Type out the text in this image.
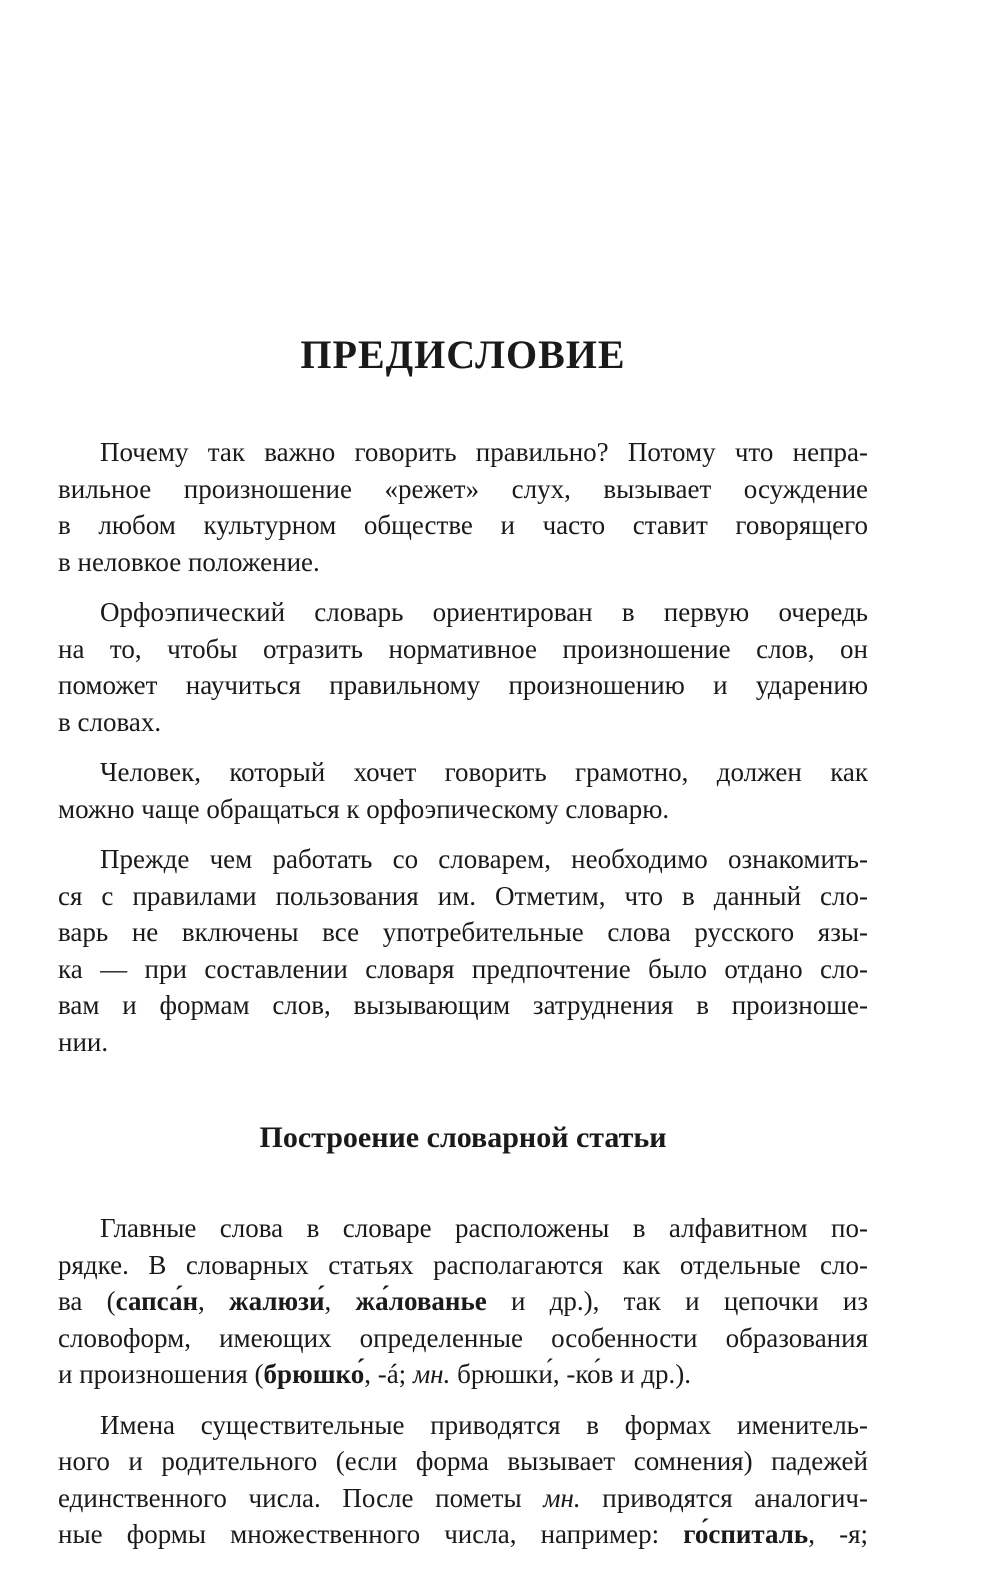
ПРЕДИСЛОВИЕ

Почему так важно говорить правильно? Потому что непра-
вильное произношение «режет» слух, вызывает осуждение
в любом культурном обществе и часто ставит говорящего
в неловкое положение.

Орфоэпический словарь ориентирован в первую очередь
на то, чтобы отразить нормативное произношение слов, он
поможет научиться правильному произношению и ударению
в словах.

Человек, который хочет говорить грамотно, должен как
можно чаще обращаться к орфоэпическому словарю.

Прежде чем работать со словарем, необходимо ознакомить-
ся с правилами пользования им. Отметим, что в данный сло-
варь не включены все употребительные слова русского язы-
ка — при составлении словаря предпочтение было отдано сло-
вам и формам слов, вызывающим затруднения в произноше-
нии.

Построение словарной статьи

Главные слова в словаре расположены в алфавитном по-
рядке. В словарных статьях располагаются как отдельные сло-
ва (сапса́н, жалюзи́, жа́лованье и др.), так и цепочки из
словоформ, имеющих определенные особенности образования
и произношения (брюшко́, -á; мн. брюшки́, -ко́в и др.).

Имена существительные приводятся в формах именитель-
ного и родительного (если форма вызывает сомнения) падежей
единственного числа. После пометы мн. приводятся аналогич-
ные формы множественного числа, например: го́спиталь, -я;
